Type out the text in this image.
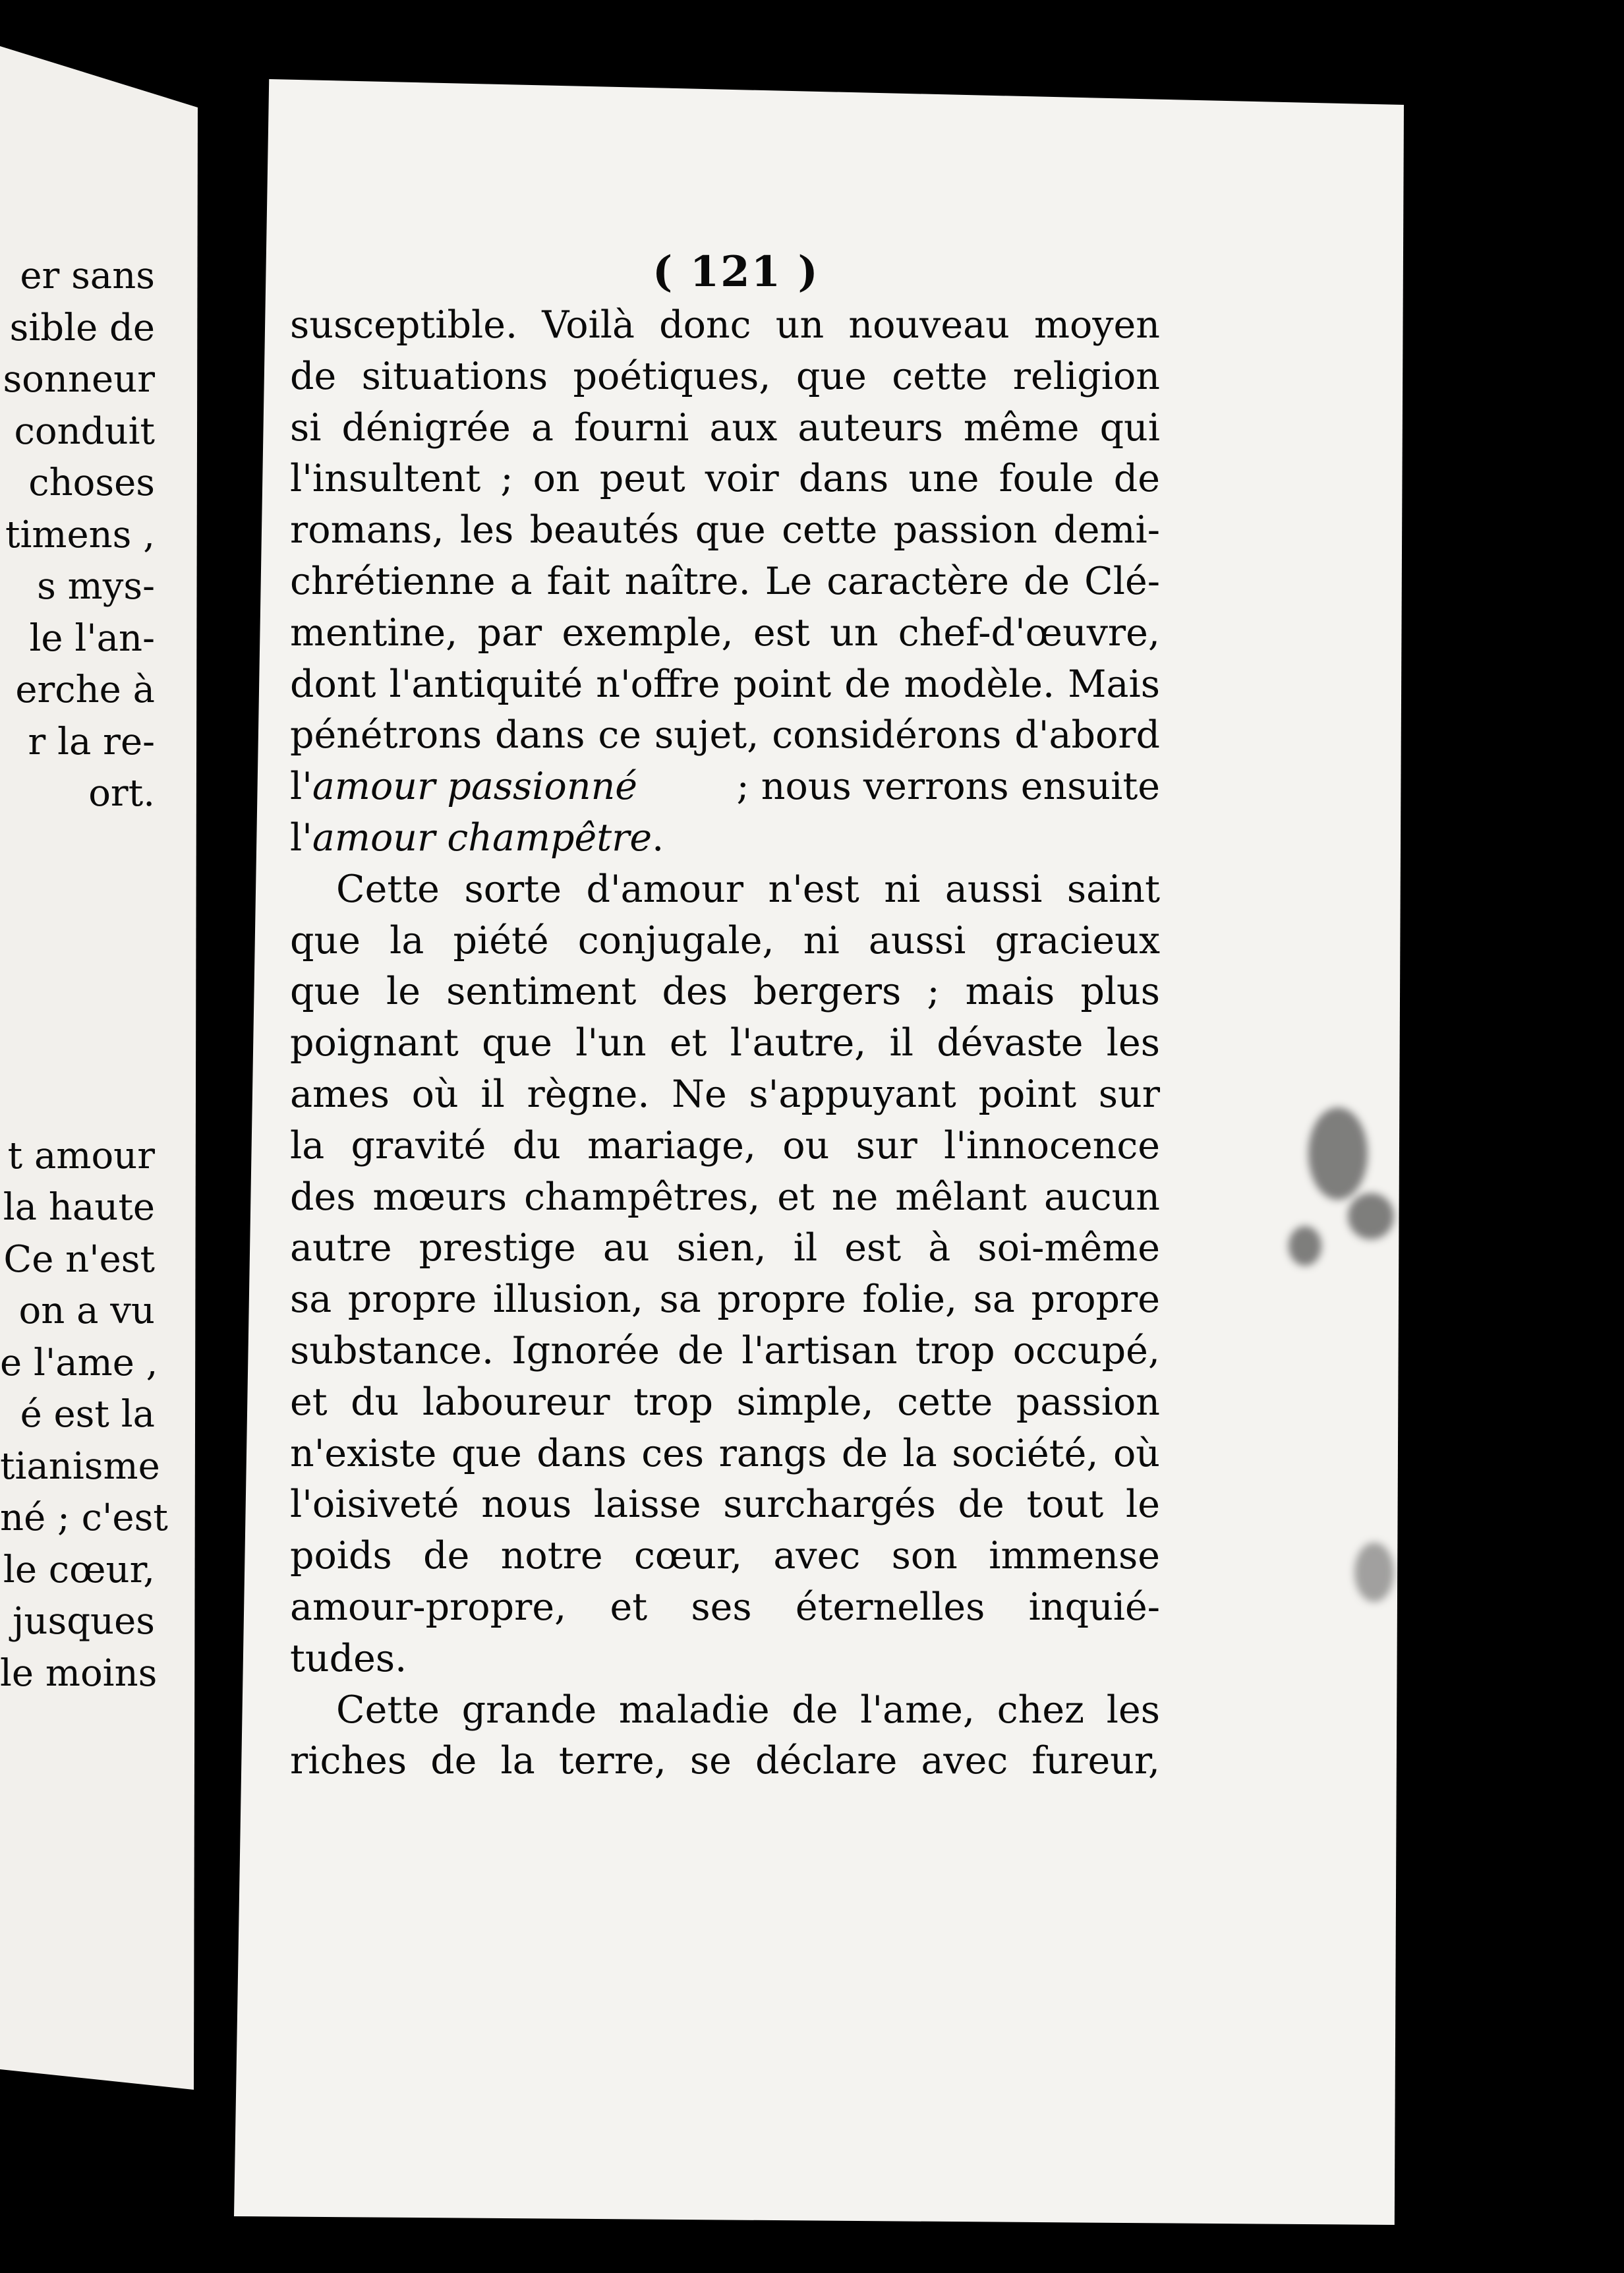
er sans
sible de
sonneur
conduit
choses
timens ,
s mys-
le l'an-
erche à
r la re-
ort.
t amour
la haute
Ce n'est
on a vu
e l'ame ,
é est la
tianisme
né ; c'est
le cœur,
jusques
le moins
( 121 )
susceptible. Voilà donc un nouveau moyen
de situations poétiques, que cette religion
si dénigrée a fourni aux auteurs même qui
l'insultent ; on peut voir dans une foule de
romans, les beautés que cette passion demi-
chrétienne a fait naître. Le caractère de Clé-
mentine, par exemple, est un chef-d'œuvre,
dont l'antiquité n'offre point de modèle. Mais
pénétrons dans ce sujet, considérons d'abord
l'amour passionné	; nous verrons ensuite
l'amour champêtre .
Cette sorte d'amour n'est ni aussi saint
que la piété conjugale, ni aussi gracieux
que le sentiment des bergers ; mais plus
poignant que l'un et l'autre, il dévaste les
ames où il règne. Ne s'appuyant point sur
la gravité du mariage, ou sur l'innocence
des mœurs champêtres, et ne mêlant aucun
autre prestige au sien, il est à soi-même
sa propre illusion, sa propre folie, sa propre
substance. Ignorée de l'artisan trop occupé,
et du laboureur trop simple, cette passion
n'existe que dans ces rangs de la société, où
l'oisiveté nous laisse surchargés de tout le
poids de notre cœur, avec son immense
amour-propre, et ses éternelles inquié-
tudes.
Cette grande maladie de l'ame, chez les
riches de la terre, se déclare avec fureur,
